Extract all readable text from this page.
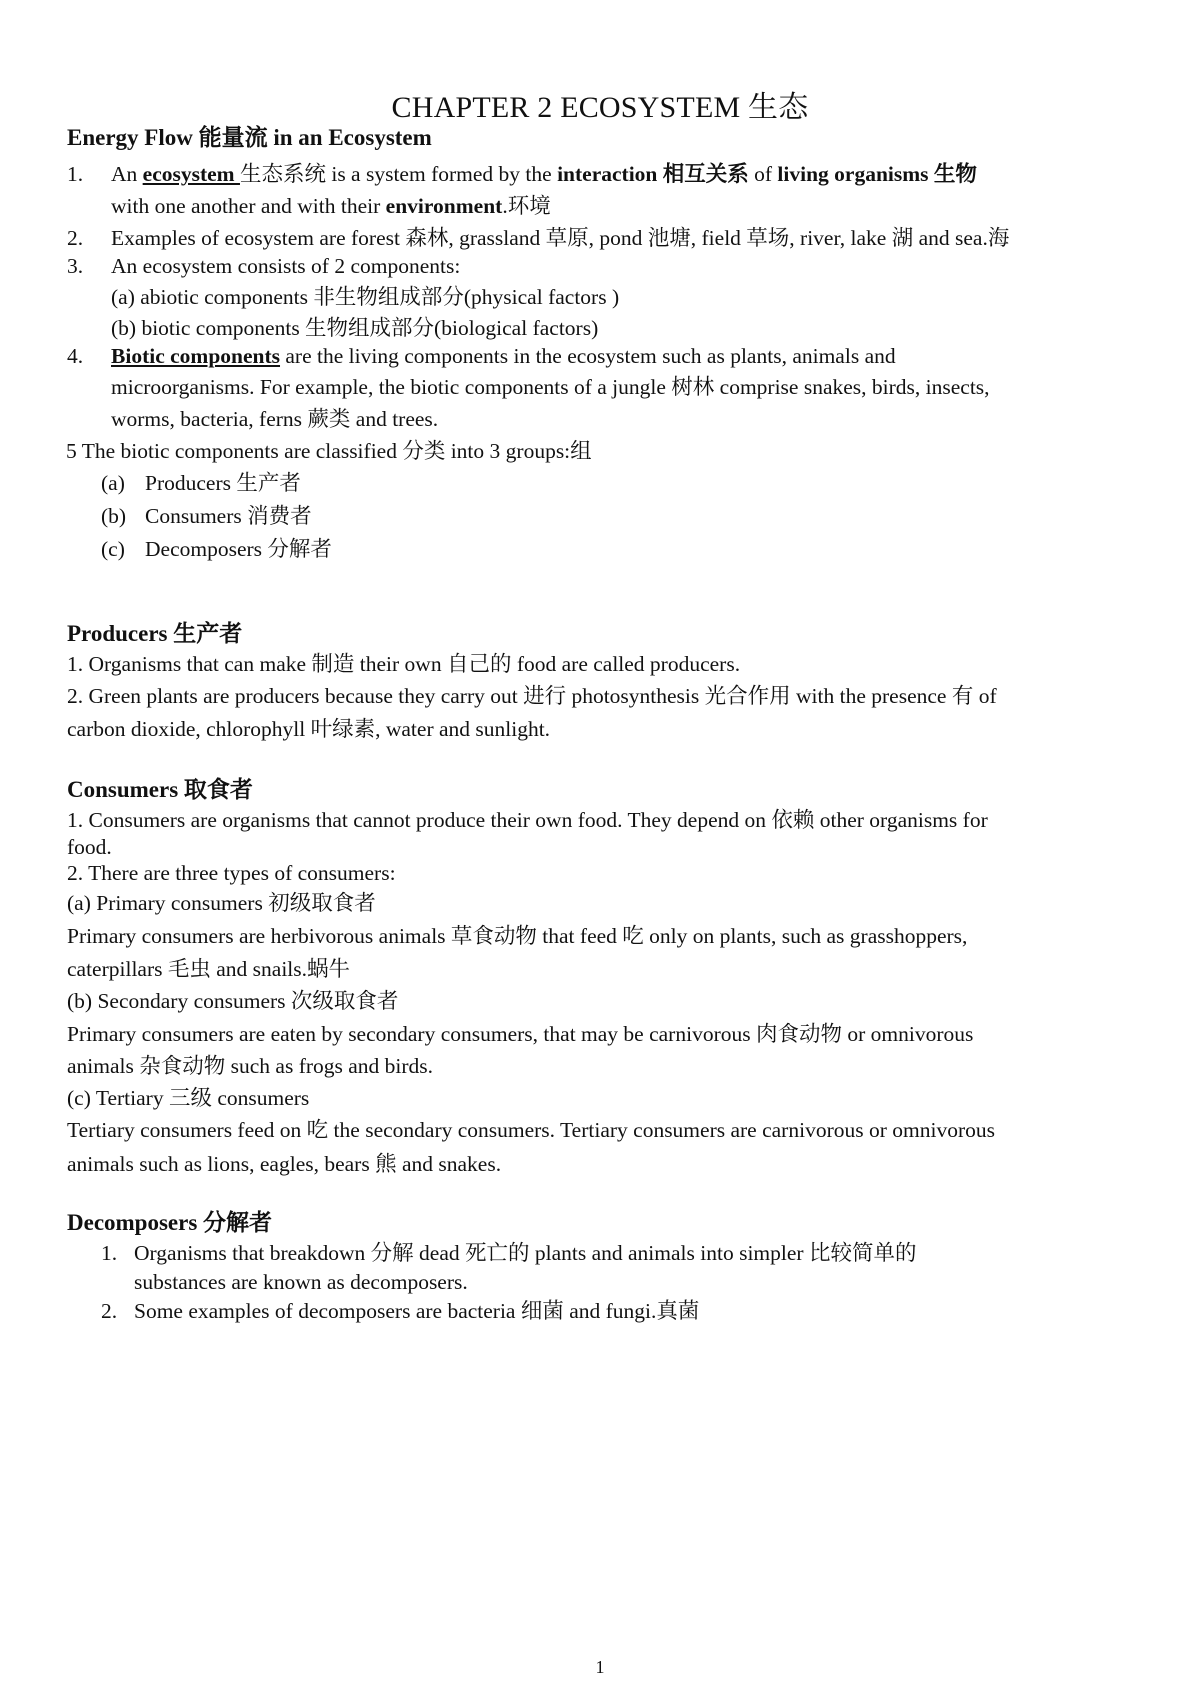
CHAPTER 2 ECOSYSTEM 生态
Energy Flow 能量流 in an Ecosystem
1. An ecosystem 生态系统 is a system formed by the interaction 相互关系 of living organisms 生物
with one another and with their environment.环境
2. Examples of ecosystem are forest 森林, grassland 草原, pond 池塘, field 草场, river, lake 湖 and sea.海
3. An ecosystem consists of 2 components:
(a) abiotic components 非生物组成部分(physical factors )
(b) biotic components 生物组成部分(biological factors)
4. Biotic components are the living components in the ecosystem such as plants, animals and
microorganisms. For example, the biotic components of a jungle 树林 comprise snakes, birds, insects,
worms, bacteria, ferns 蕨类 and trees.
5 The biotic components are classified 分类 into 3 groups:组
(a) Producers 生产者
(b) Consumers 消费者
(c) Decomposers 分解者
Producers 生产者
1. Organisms that can make 制造 their own 自己的 food are called producers.
2. Green plants are producers because they carry out 进行 photosynthesis 光合作用 with the presence 有 of
carbon dioxide, chlorophyll 叶绿素, water and sunlight.
Consumers 取食者
1. Consumers are organisms that cannot produce their own food. They depend on 依赖 other organisms for
food.
2. There are three types of consumers:
(a) Primary consumers 初级取食者
Primary consumers are herbivorous animals 草食动物 that feed 吃 only on plants, such as grasshoppers,
caterpillars 毛虫 and snails.蜗牛
(b) Secondary consumers 次级取食者
Primary consumers are eaten by secondary consumers, that may be carnivorous 肉食动物 or omnivorous
animals 杂食动物 such as frogs and birds.
(c) Tertiary 三级 consumers
Tertiary consumers feed on 吃 the secondary consumers. Tertiary consumers are carnivorous or omnivorous
animals such as lions, eagles, bears 熊 and snakes.
Decomposers 分解者
1. Organisms that breakdown 分解 dead 死亡的 plants and animals into simpler 比较简单的
substances are known as decomposers.
2. Some examples of decomposers are bacteria 细菌 and fungi.真菌
1
